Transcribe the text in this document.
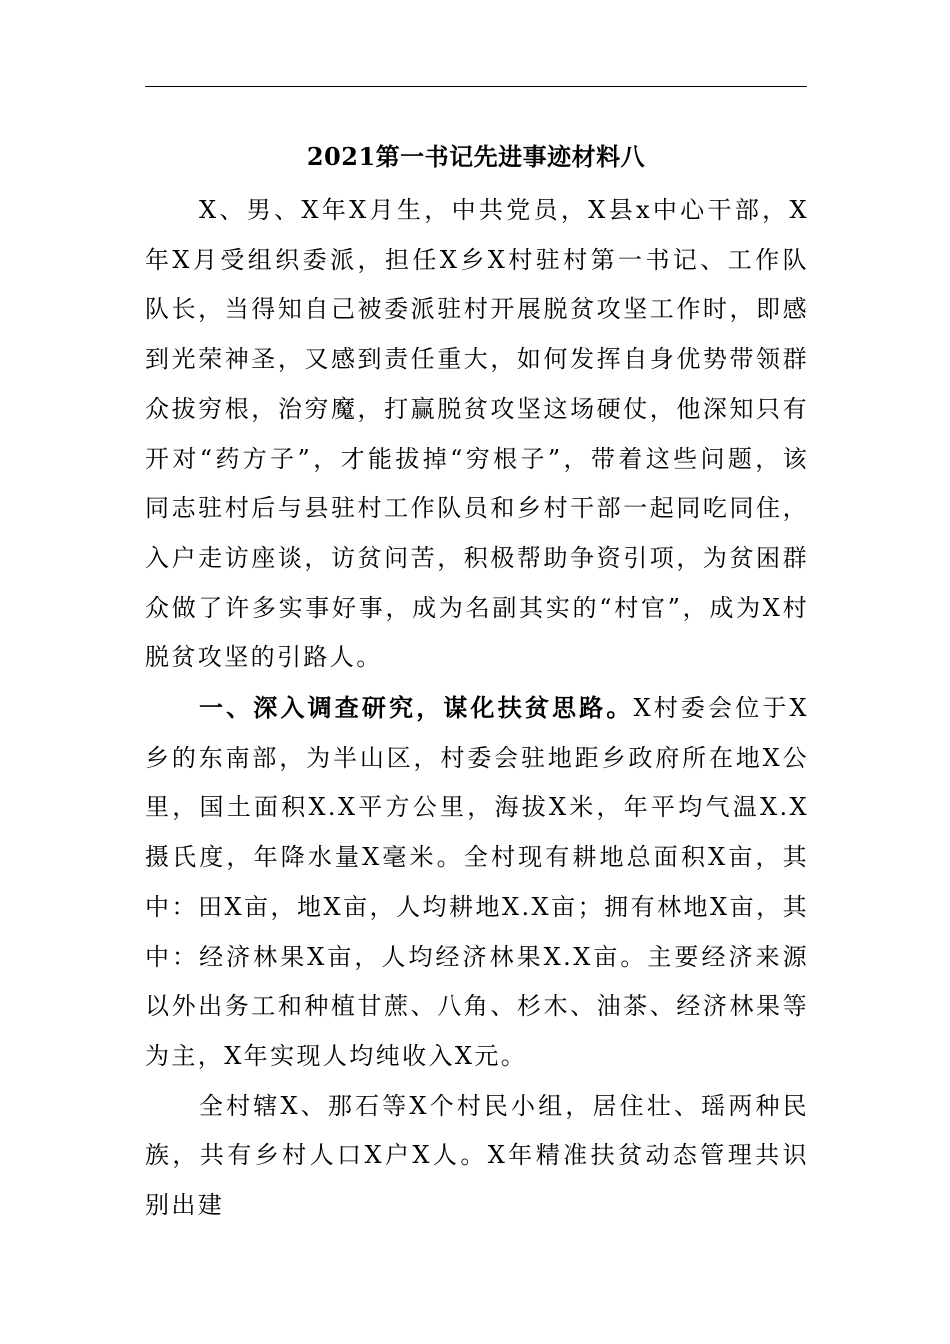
2021第一书记先进事迹材料八

X、男、X年X月生，中共党员，X县x中心干部，X年X月受组织委派，担任X乡X村驻村第一书记、工作队队长，当得知自己被委派驻村开展脱贫攻坚工作时，即感到光荣神圣，又感到责任重大，如何发挥自身优势带领群众拔穷根，治穷魔，打赢脱贫攻坚这场硬仗，他深知只有开对“药方子”，才能拔掉“穷根子”，带着这些问题，该同志驻村后与县驻村工作队员和乡村干部一起同吃同住，入户走访座谈，访贫问苦，积极帮助争资引项，为贫困群众做了许多实事好事，成为名副其实的“村官”，成为X村脱贫攻坚的引路人。

一、深入调查研究，谋化扶贫思路。X村委会位于X乡的东南部，为半山区，村委会驻地距乡政府所在地X公里，国土面积X.X平方公里，海拔X米，年平均气温X.X摄氏度，年降水量X毫米。全村现有耕地总面积X亩，其中：田X亩，地X亩，人均耕地X.X亩；拥有林地X亩，其中：经济林果X亩，人均经济林果X.X亩。主要经济来源以外出务工和种植甘蔗、八角、杉木、油茶、经济林果等为主，X年实现人均纯收入X元。

全村辖X、那石等X个村民小组，居住壮、瑶两种民族，共有乡村人口X户X人。X年精准扶贫动态管理共识别出建
